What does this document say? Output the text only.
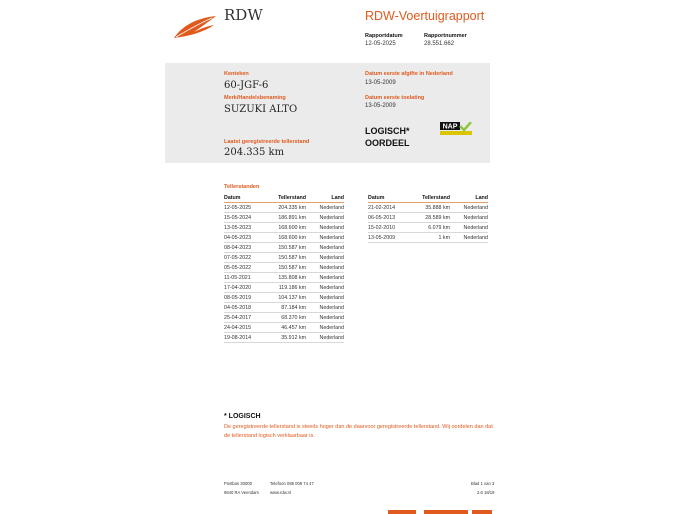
RDW	RDW-Voertuigrapport
Rapportdatum
12-05-2025
Rapportnummer
28.551.662
Kenteken
60-JGF-6
Merk/Handelsbenaming
SUZUKI ALTO
Laatst geregistreerde tellerstand
204.335 km
Datum eerste afgifte in Nederland
13-05-2009
Datum eerste toelating
13-05-2009
LOGISCH*
OORDEEL
NAP
Tellerstanden
Datum	Tellerstand	Land
12-05-2025	204.335 km	Nederland
15-05-2024	186.891 km	Nederland
13-05-2023	168.600 km	Nederland
04-05-2023	168.600 km	Nederland
08-04-2023	150.587 km	Nederland
07-05-2022	150.587 km	Nederland
05-05-2022	150.587 km	Nederland
11-05-2021	135.808 km	Nederland
17-04-2020	119.186 km	Nederland
08-05-2019	104.137 km	Nederland
04-05-2018	87.184 km	Nederland
25-04-2017	68.370 km	Nederland
24-04-2015	46.457 km	Nederland
19-08-2014	35.912 km	Nederland
Datum	Tellerstand	Land
21-02-2014	35.888 km	Nederland
06-05-2013	28.589 km	Nederland
15-02-2010	6.079 km	Nederland
13-05-2009	1 km	Nederland
* LOGISCH
De geregistreerde tellerstand is steeds hoger dan de daarvoor geregistreerde tellerstand. Wij oordelen dan dat de tellerstand logisch verklaarbaar is.
Postbus 30000
9640 RA Veendam
Telefoon 088 008 74 47
www.rdw.nl
Blad 1 van 3
2.6 18/18
